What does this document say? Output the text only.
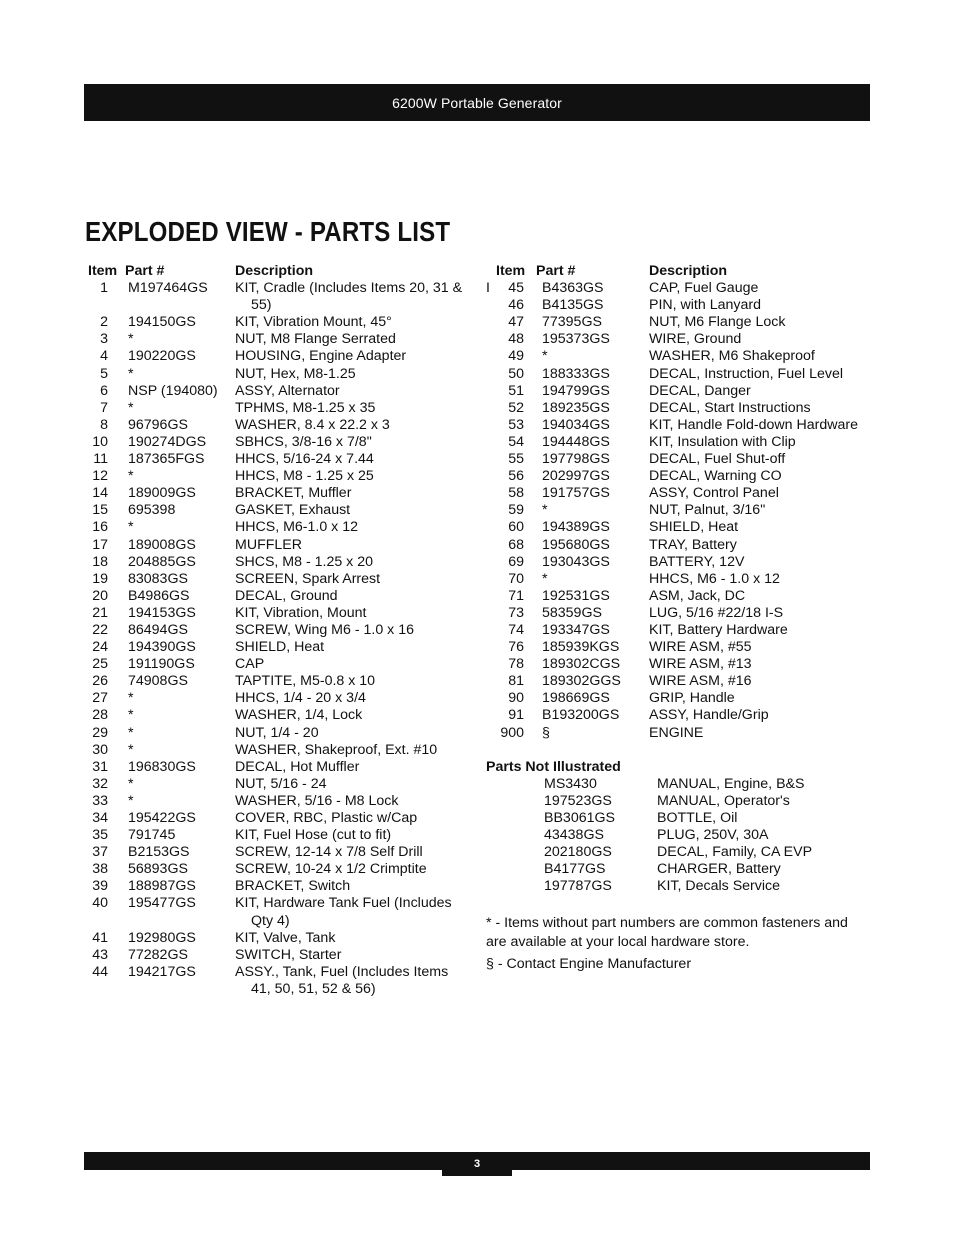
6200W Portable Generator
EXPLODED VIEW - PARTS LIST
Item Part #	Description
1	M197464GS	KIT, Cradle (Includes Items 20, 31 &
55)
2	194150GS	KIT, Vibration Mount, 45°
3	*	NUT, M8 Flange Serrated
4	190220GS	HOUSING, Engine Adapter
5	*	NUT, Hex, M8-1.25
6	NSP (194080)	ASSY, Alternator
7	*	TPHMS, M8-1.25 x 35
8	96796GS	WASHER, 8.4 x 22.2 x 3
10	190274DGS	SBHCS, 3/8-16 x 7/8"
11	187365FGS	HHCS, 5/16-24 x 7.44
12	*	HHCS, M8 - 1.25 x 25
14	189009GS	BRACKET, Muffler
15	695398	GASKET, Exhaust
16	*	HHCS, M6-1.0 x 12
17	189008GS	MUFFLER
18	204885GS	SHCS, M8 - 1.25 x 20
19	83083GS	SCREEN, Spark Arrest
20	B4986GS	DECAL, Ground
21	194153GS	KIT, Vibration, Mount
22	86494GS	SCREW, Wing M6 - 1.0 x 16
24	194390GS	SHIELD, Heat
25	191190GS	CAP
26	74908GS	TAPTITE, M5-0.8 x 10
27	*	HHCS, 1/4 - 20 x 3/4
28	*	WASHER, 1/4, Lock
29	*	NUT, 1/4 - 20
30	*	WASHER, Shakeproof, Ext. #10
31	196830GS	DECAL, Hot Muffler
32	*	NUT, 5/16 - 24
33	*	WASHER, 5/16 - M8 Lock
34	195422GS	COVER, RBC, Plastic w/Cap
35	791745	KIT, Fuel Hose (cut to fit)
37	B2153GS	SCREW, 12-14 x 7/8 Self Drill
38	56893GS	SCREW, 10-24 x 1/2 Crimptite
39	188987GS	BRACKET, Switch
40	195477GS	KIT, Hardware Tank Fuel (Includes
Qty 4)
41	192980GS	KIT, Valve, Tank
43	77282GS	SWITCH, Starter
44	194217GS	ASSY., Tank, Fuel (Includes Items
41, 50, 51, 52 & 56)
Item Part #	Description
I	45	B4363GS	CAP, Fuel Gauge
46	B4135GS	PIN, with Lanyard
47	77395GS	NUT, M6 Flange Lock
48	195373GS	WIRE, Ground
49	*	WASHER, M6 Shakeproof
50	188333GS	DECAL, Instruction, Fuel Level
51	194799GS	DECAL, Danger
52	189235GS	DECAL, Start Instructions
53	194034GS	KIT, Handle Fold-down Hardware
54	194448GS	KIT, Insulation with Clip
55	197798GS	DECAL, Fuel Shut-off
56	202997GS	DECAL, Warning CO
58	191757GS	ASSY, Control Panel
59	*	NUT, Palnut, 3/16"
60	194389GS	SHIELD, Heat
68	195680GS	TRAY, Battery
69	193043GS	BATTERY, 12V
70	*	HHCS, M6 - 1.0 x 12
71	192531GS	ASM, Jack, DC
73	58359GS	LUG, 5/16 #22/18 I-S
74	193347GS	KIT, Battery Hardware
76	185939KGS	WIRE ASM, #55
78	189302CGS	WIRE ASM, #13
81	189302GGS	WIRE ASM, #16
90	198669GS	GRIP, Handle
91	B193200GS	ASSY, Handle/Grip
900	§	ENGINE
Parts Not Illustrated
MS3430	MANUAL, Engine, B&S
197523GS	MANUAL, Operator's
BB3061GS	BOTTLE, Oil
43438GS	PLUG, 250V, 30A
202180GS	DECAL, Family, CA EVP
B4177GS	CHARGER, Battery
197787GS	KIT, Decals Service
* - Items without part numbers are common fasteners and are available at your local hardware store.
§ - Contact Engine Manufacturer
3
